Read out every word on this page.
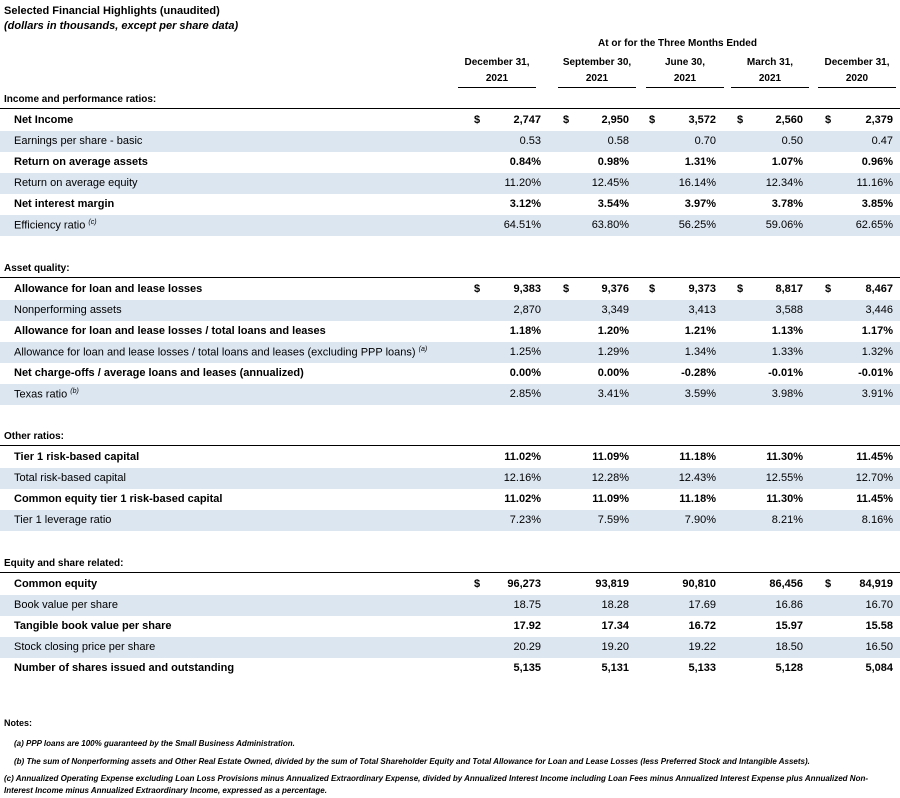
Selected Financial Highlights (unaudited)
(dollars in thousands, except per share data)
At or for the Three Months Ended
December 31,
2021
September 30,
2021
June 30,
2021
March 31,
2021
December 31,
2020
Income and performance ratios:
Net Income	$	2,747 $	2,950 $	3,572 $	2,560 $	2,379
Earnings per share - basic	0.53	0.58	0.70	0.50	0.47
Return on average assets	0.84%	0.98%	1.31%	1.07%	0.96%
Return on average equity	11.20%	12.45%	16.14%	12.34%	11.16%
Net interest margin	3.12%	3.54%	3.97%	3.78%	3.85%
Efficiency ratio $^{(c)}$	64.51%	63.80%	56.25%	59.06%	62.65%
Asset quality:
Allowance for loan and lease losses	$	9,383 $	9,376 $	9,373 $	8,817 $	8,467
Nonperforming assets	2,870	3,349	3,413	3,588	3,446
Allowance for loan and lease losses / total loans and leases	1.18%	1.20%	1.21%	1.13%	1.17%
Allowance for loan and lease losses / total loans and leases (excluding PPP loans) $^{(a)}$	1.25%	1.29%	1.34%	1.33%	1.32%
Net charge-offs / average loans and leases (annualized)	0.00%	0.00%	-0.28%	-0.01%	-0.01%
Texas ratio $^{(b)}$	2.85%	3.41%	3.59%	3.98%	3.91%
Other ratios:
Tier 1 risk-based capital	11.02%	11.09%	11.18%	11.30%	11.45%
Total risk-based capital	12.16%	12.28%	12.43%	12.55%	12.70%
Common equity tier 1 risk-based capital	11.02%	11.09%	11.18%	11.30%	11.45%
Tier 1 leverage ratio	7.23%	7.59%	7.90%	8.21%	8.16%
Equity and share related:
Common equity	$	96,273	93,819	90,810	86,456 $	84,919
Book value per share	18.75	18.28	17.69	16.86	16.70
Tangible book value per share	17.92	17.34	16.72	15.97	15.58
Stock closing price per share	20.29	19.20	19.22	18.50	16.50
Number of shares issued and outstanding	5,135	5,131	5,133	5,128	5,084
Notes:
(a) PPP loans are 100% guaranteed by the Small Business Administration.
(b) The sum of Nonperforming assets and Other Real Estate Owned, divided by the sum of Total Shareholder Equity and Total Allowance for Loan and Lease Losses (less Preferred Stock and Intangible Assets).
(c) Annualized Operating Expense excluding Loan Loss Provisions minus Annualized Extraordinary Expense, divided by Annualized Interest Income including Loan Fees minus Annualized Interest Expense plus Annualized Non-Interest Income minus Annualized Extraordinary Income, expressed as a percentage.
